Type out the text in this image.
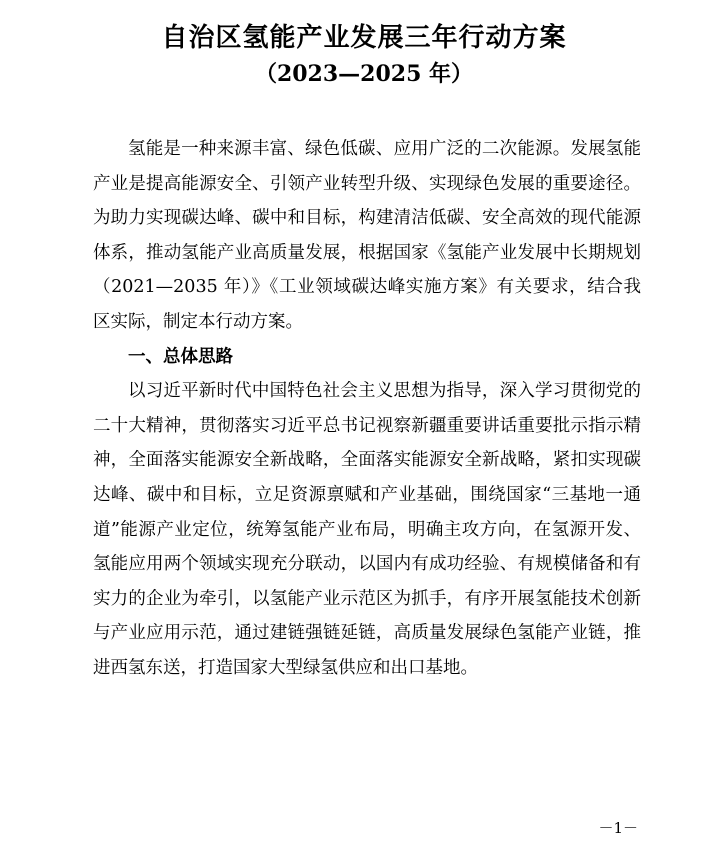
自治区氢能产业发展三年行动方案
（2023—2025 年）

氢能是一种来源丰富、绿色低碳、应用广泛的二次能源。发展氢能产业是提高能源安全、引领产业转型升级、实现绿色发展的重要途径。为助力实现碳达峰、碳中和目标，构建清洁低碳、安全高效的现代能源体系，推动氢能产业高质量发展，根据国家《氢能产业发展中长期规划（2021—2035 年）》《工业领域碳达峰实施方案》有关要求，结合我区实际，制定本行动方案。

一、总体思路

以习近平新时代中国特色社会主义思想为指导，深入学习贯彻党的二十大精神，贯彻落实习近平总书记视察新疆重要讲话重要批示指示精神，全面落实能源安全新战略，全面落实能源安全新战略，紧扣实现碳达峰、碳中和目标，立足资源禀赋和产业基础，围绕国家“三基地一通道”能源产业定位，统筹氢能产业布局，明确主攻方向，在氢源开发、氢能应用两个领域实现充分联动，以国内有成功经验、有规模储备和有实力的企业为牵引，以氢能产业示范区为抓手，有序开展氢能技术创新与产业应用示范，通过建链强链延链，高质量发展绿色氢能产业链，推进西氢东送，打造国家大型绿氢供应和出口基地。

－1－
